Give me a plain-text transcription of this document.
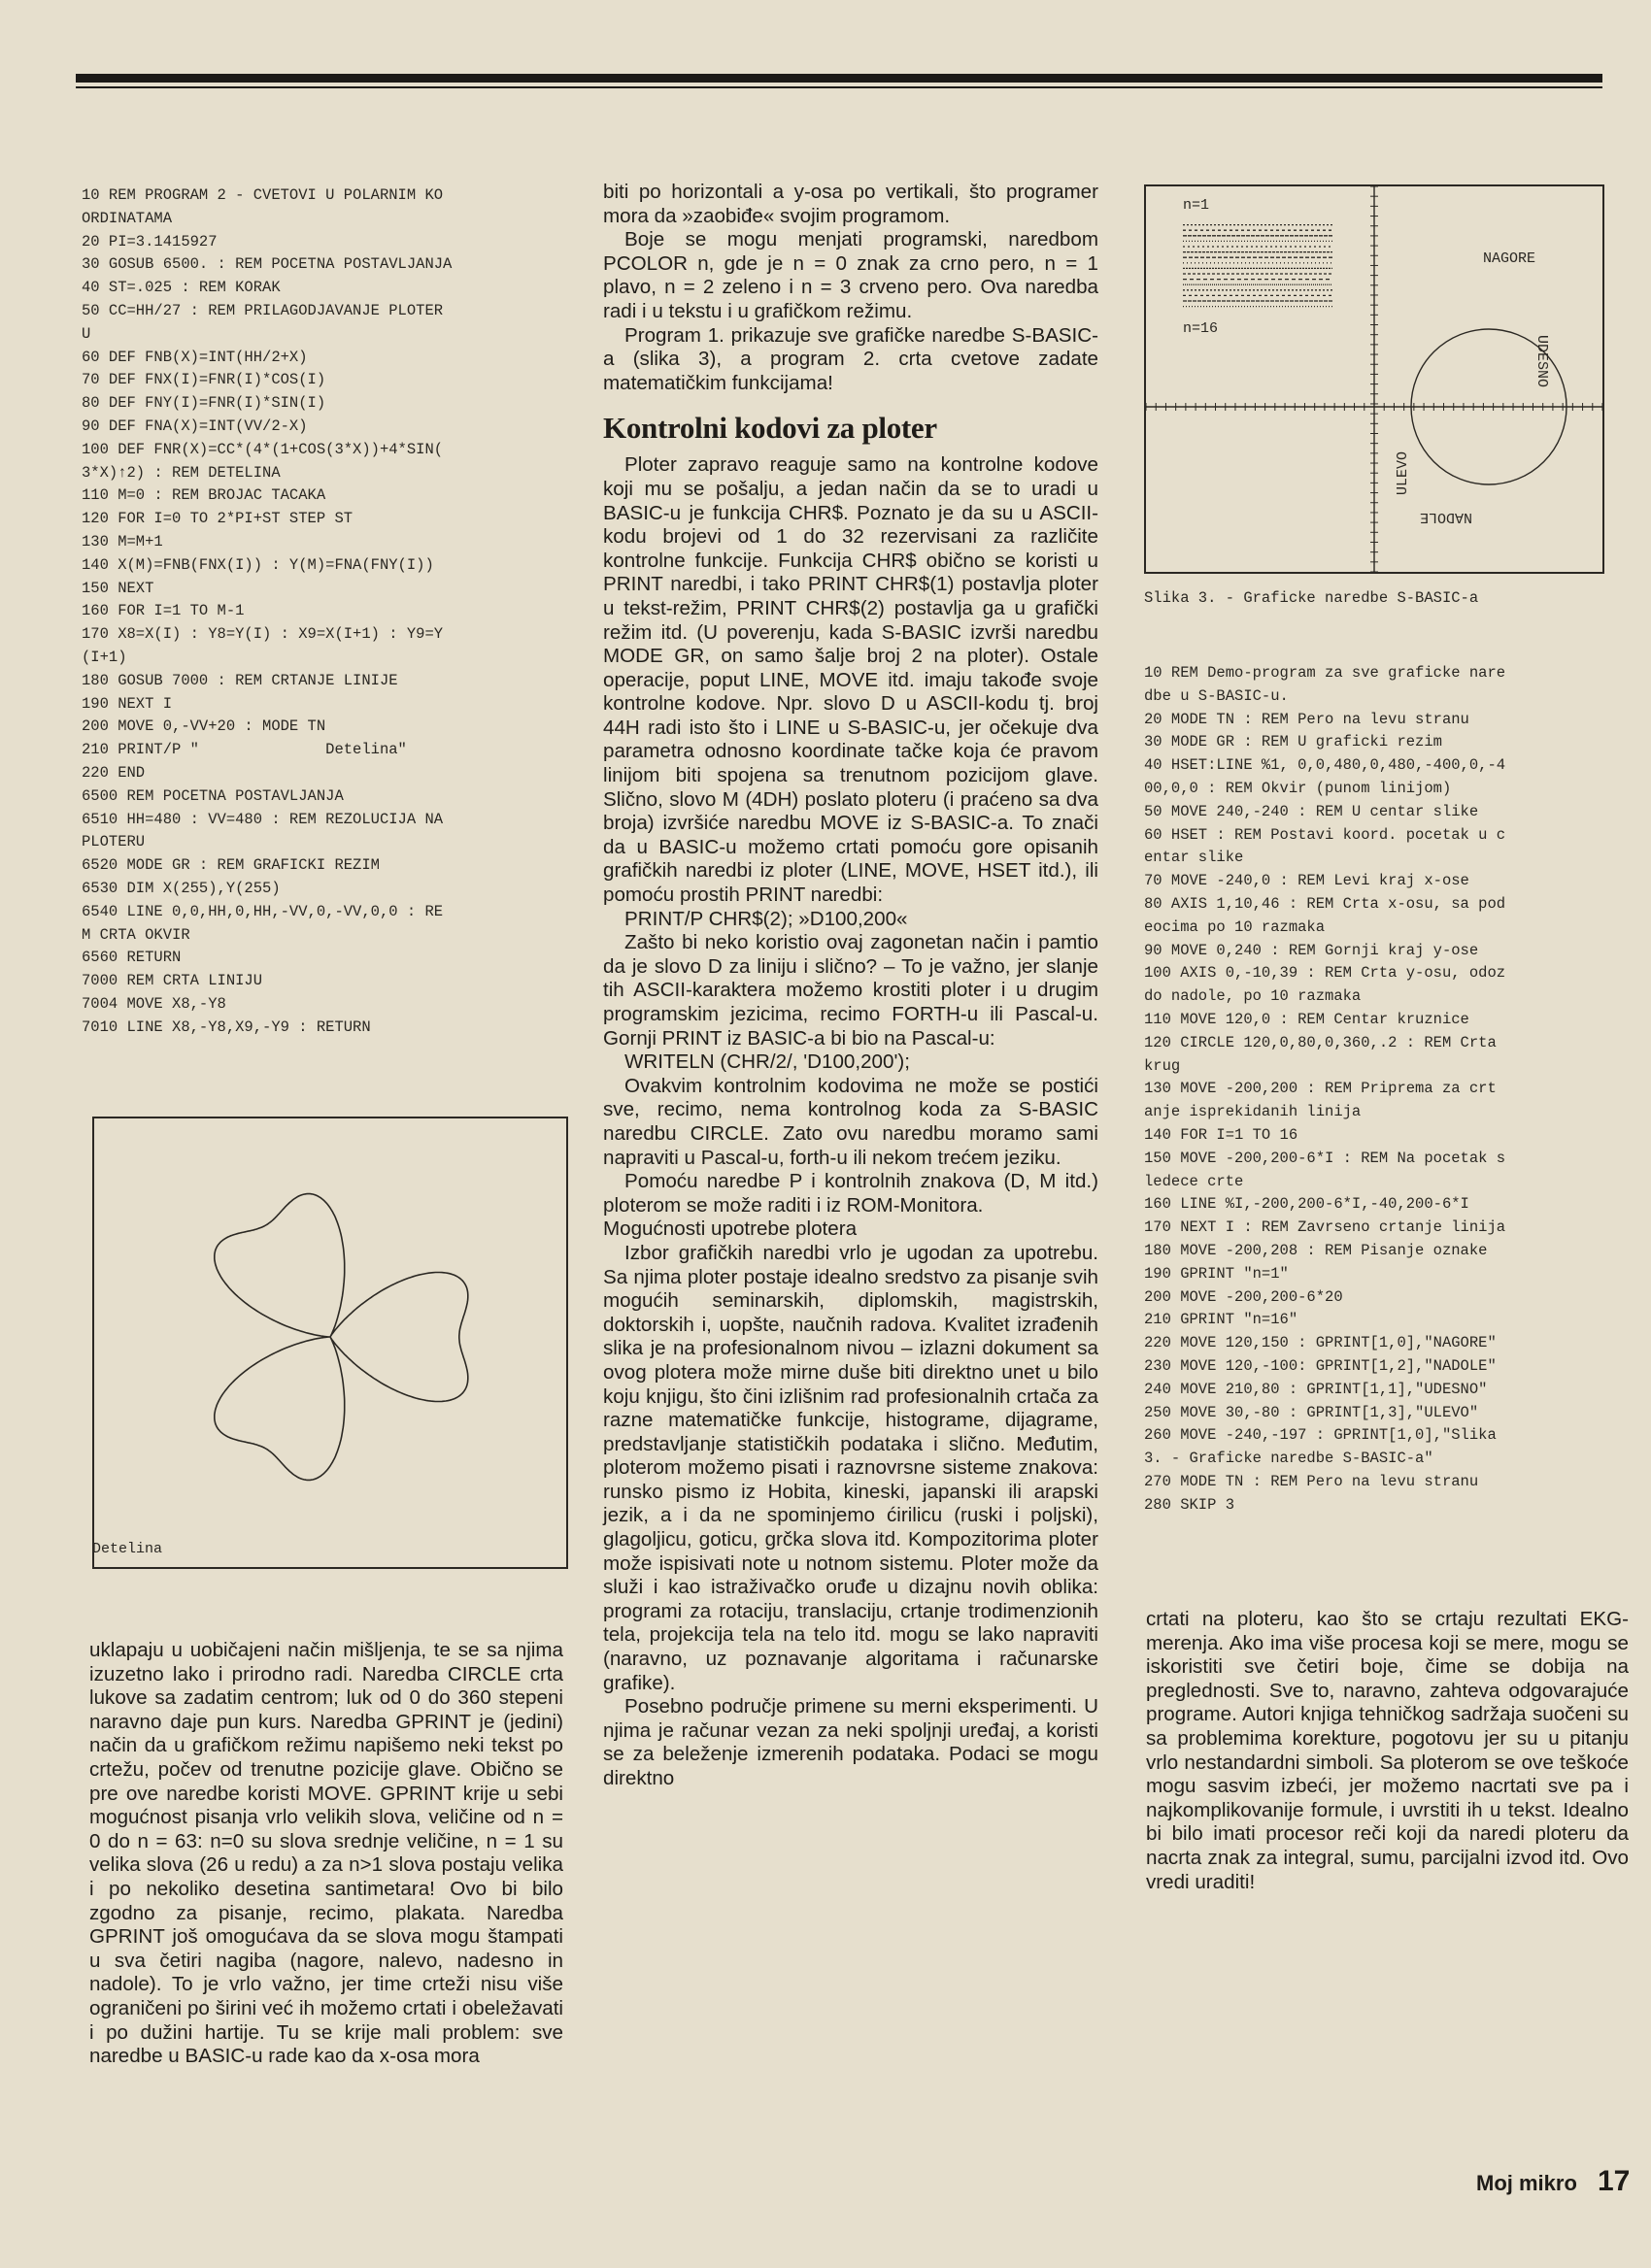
10 REM PROGRAM 2 - CVETOVI U POLARNIM KO
ORDINATAMA
20 PI=3.1415927
30 GOSUB 6500. : REM POCETNA POSTAVLJANJA
40 ST=.025 : REM KORAK
50 CC=HH/27 : REM PRILAGODJAVANJE PLOTER
U
60 DEF FNB(X)=INT(HH/2+X)
70 DEF FNX(I)=FNR(I)*COS(I)
80 DEF FNY(I)=FNR(I)*SIN(I)
90 DEF FNA(X)=INT(VV/2-X)
100 DEF FNR(X)=CC*(4*(1+COS(3*X))+4*SIN(
3*X)↑2) : REM DETELINA
110 M=0 : REM BROJAC TACAKA
120 FOR I=0 TO 2*PI+ST STEP ST
130 M=M+1
140 X(M)=FNB(FNX(I)) : Y(M)=FNA(FNY(I))
150 NEXT
160 FOR I=1 TO M-1
170 X8=X(I) : Y8=Y(I) : X9=X(I+1) : Y9=Y
(I+1)
180 GOSUB 7000 : REM CRTANJE LINIJE
190 NEXT I
200 MOVE 0,-VV+20 : MODE TN
210 PRINT/P "              Detelina"
220 END
6500 REM POCETNA POSTAVLJANJA
6510 HH=480 : VV=480 : REM REZOLUCIJA NA
PLOTERU
6520 MODE GR : REM GRAFICKI REZIM
6530 DIM X(255),Y(255)
6540 LINE 0,0,HH,0,HH,-VV,0,-VV,0,0 : RE
M CRTA OKVIR
6560 RETURN
7000 REM CRTA LINIJU
7004 MOVE X8,-Y8
7010 LINE X8,-Y8,X9,-Y9 : RETURN
Detelina

uklapaju u uobičajeni način mišljenja, te se sa njima izuzetno lako i prirodno radi. Naredba CIRCLE crta lukove sa zadatim centrom; luk od 0 do 360 stepeni naravno daje pun kurs. Naredba GPRINT je (jedini) način da u grafičkom režimu napišemo neki tekst po crtežu, počev od trenutne pozicije glave. Obično se pre ove naredbe koristi MOVE. GPRINT krije u sebi mogućnost pisanja vrlo velikih slova, veličine od n = 0 do n = 63: n=0 su slova srednje veličine, n = 1 su velika slova (26 u redu) a za n>1 slova postaju velika i po nekoliko desetina santimetara! Ovo bi bilo zgodno za pisanje, recimo, plakata. Naredba GPRINT još omogućava da se slova mogu štampati u sva četiri nagiba (nagore, nalevo, nadesno in nadole). To je vrlo važno, jer time crteži nisu više ograničeni po širini već ih možemo crtati i obeležavati i po dužini hartije. Tu se krije mali problem: sve naredbe u BASIC-u rade kao da x-osa mora

biti po horizontali a y-osa po vertikali, što programer mora da »zaobiđe« svojim programom.

Boje se mogu menjati programski, naredbom PCOLOR n, gde je n = 0 znak za crno pero, n = 1 plavo, n = 2 zeleno i n = 3 crveno pero. Ova naredba radi i u tekstu i u grafičkom režimu.

Program 1. prikazuje sve grafičke naredbe S-BASIC-a (slika 3), a program 2. crta cvetove zadate matematičkim funkcijama!

Kontrolni kodovi za ploter

Ploter zapravo reaguje samo na kontrolne kodove koji mu se pošalju, a jedan način da se to uradi u BASIC-u je funkcija CHR$. Poznato je da su u ASCII-kodu brojevi od 1 do 32 rezervisani za različite kontrolne funkcije. Funkcija CHR$ obično se koristi u PRINT naredbi, i tako PRINT CHR$(1) postavlja ploter u tekst-režim, PRINT CHR$(2) postavlja ga u grafički režim itd. (U poverenju, kada S-BASIC izvrši naredbu MODE GR, on samo šalje broj 2 na ploter). Ostale operacije, poput LINE, MOVE itd. imaju takođe svoje kontrolne kodove. Npr. slovo D u ASCII-kodu tj. broj 44H radi isto što i LINE u S-BASIC-u, jer očekuje dva parametra odnosno koordinate tačke koja će pravom linijom biti spojena sa trenutnom pozicijom glave. Slično, slovo M (4DH) poslato ploteru (i praćeno sa dva broja) izvršiće naredbu MOVE iz S-BASIC-a. To znači da u BASIC-u možemo crtati pomoću gore opisanih grafičkih naredbi iz ploter (LINE, MOVE, HSET itd.), ili pomoću prostih PRINT naredbi:

PRINT/P CHR$(2); »D100,200«

Zašto bi neko koristio ovaj zagonetan način i pamtio da je slovo D za liniju i slično? – To je važno, jer slanje tih ASCII-karaktera možemo krostiti ploter i u drugim programskim jezicima, recimo FORTH-u ili Pascal-u. Gornji PRINT iz BASIC-a bi bio na Pascal-u:

WRITELN (CHR/2/, 'D100,200');

Ovakvim kontrolnim kodovima ne može se postići sve, recimo, nema kontrolnog koda za S-BASIC naredbu CIRCLE. Zato ovu naredbu moramo sami napraviti u Pascal-u, forth-u ili nekom trećem jeziku.

Pomoću naredbe P i kontrolnih znakova (D, M itd.) ploterom se može raditi i iz ROM-Monitora.

Mogućnosti upotrebe plotera

Izbor grafičkih naredbi vrlo je ugodan za upotrebu. Sa njima ploter postaje idealno sredstvo za pisanje svih mogućih seminarskih, diplomskih, magistrskih, doktorskih i, uopšte, naučnih radova. Kvalitet izrađenih slika je na profesionalnom nivou – izlazni dokument sa ovog plotera može mirne duše biti direktno unet u bilo koju knjigu, što čini izlišnim rad profesionalnih crtača za razne matematičke funkcije, histograme, dijagrame, predstavljanje statističkih podataka i slično. Međutim, ploterom možemo pisati i raznovrsne sisteme znakova: runsko pismo iz Hobita, kineski, japanski ili arapski jezik, a i da ne spominjemo ćirilicu (ruski i poljski), glagoljicu, goticu, grčka slova itd. Kompozitorima ploter može ispisivati note u notnom sistemu. Ploter može da služi i kao istraživačko oruđe u dizajnu novih oblika: programi za rotaciju, translaciju, crtanje trodimenzionih tela, projekcija tela na telo itd. mogu se lako napraviti (naravno, uz poznavanje algoritama i računarske grafike).

Posebno područje primene su merni eksperimenti. U njima je računar vezan za neki spoljnji uređaj, a koristi se za beleženje izmerenih podataka. Podaci se mogu direktno

n=1
n=16
NAGORE
UDESNO
ULEVO
NADOLE
Slika 3. - Graficke naredbe S-BASIC-a
10 REM Demo-program za sve graficke nare
dbe u S-BASIC-u.
20 MODE TN : REM Pero na levu stranu
30 MODE GR : REM U graficki rezim
40 HSET:LINE %1, 0,0,480,0,480,-400,0,-4
00,0,0 : REM Okvir (punom linijom)
50 MOVE 240,-240 : REM U centar slike
60 HSET : REM Postavi koord. pocetak u c
entar slike
70 MOVE -240,0 : REM Levi kraj x-ose
80 AXIS 1,10,46 : REM Crta x-osu, sa pod
eocima po 10 razmaka
90 MOVE 0,240 : REM Gornji kraj y-ose
100 AXIS 0,-10,39 : REM Crta y-osu, odoz
do nadole, po 10 razmaka
110 MOVE 120,0 : REM Centar kruznice
120 CIRCLE 120,0,80,0,360,.2 : REM Crta
krug
130 MOVE -200,200 : REM Priprema za crt
anje isprekidanih linija
140 FOR I=1 TO 16
150 MOVE -200,200-6*I : REM Na pocetak s
ledece crte
160 LINE %I,-200,200-6*I,-40,200-6*I
170 NEXT I : REM Zavrseno crtanje linija
180 MOVE -200,208 : REM Pisanje oznake
190 GPRINT "n=1"
200 MOVE -200,200-6*20
210 GPRINT "n=16"
220 MOVE 120,150 : GPRINT[1,0],"NAGORE"
230 MOVE 120,-100: GPRINT[1,2],"NADOLE"
240 MOVE 210,80 : GPRINT[1,1],"UDESNO"
250 MOVE 30,-80 : GPRINT[1,3],"ULEVO"
260 MOVE -240,-197 : GPRINT[1,0],"Slika
3. - Graficke naredbe S-BASIC-a"
270 MODE TN : REM Pero na levu stranu
280 SKIP 3

crtati na ploteru, kao što se crtaju rezultati EKG-merenja. Ako ima više procesa koji se mere, mogu se iskoristiti sve četiri boje, čime se dobija na preglednosti. Sve to, naravno, zahteva odgovarajuće programe. Autori knjiga tehničkog sadržaja suočeni su sa problemima korekture, pogotovu jer su u pitanju vrlo nestandardni simboli. Sa ploterom se ove teškoće mogu sasvim izbeći, jer možemo nacrtati sve pa i najkomplikovanije formule, i uvrstiti ih u tekst. Idealno bi bilo imati procesor reči koji da naredi ploteru da nacrta znak za integral, sumu, parcijalni izvod itd. Ovo vredi uraditi!

Moj mikro 17
